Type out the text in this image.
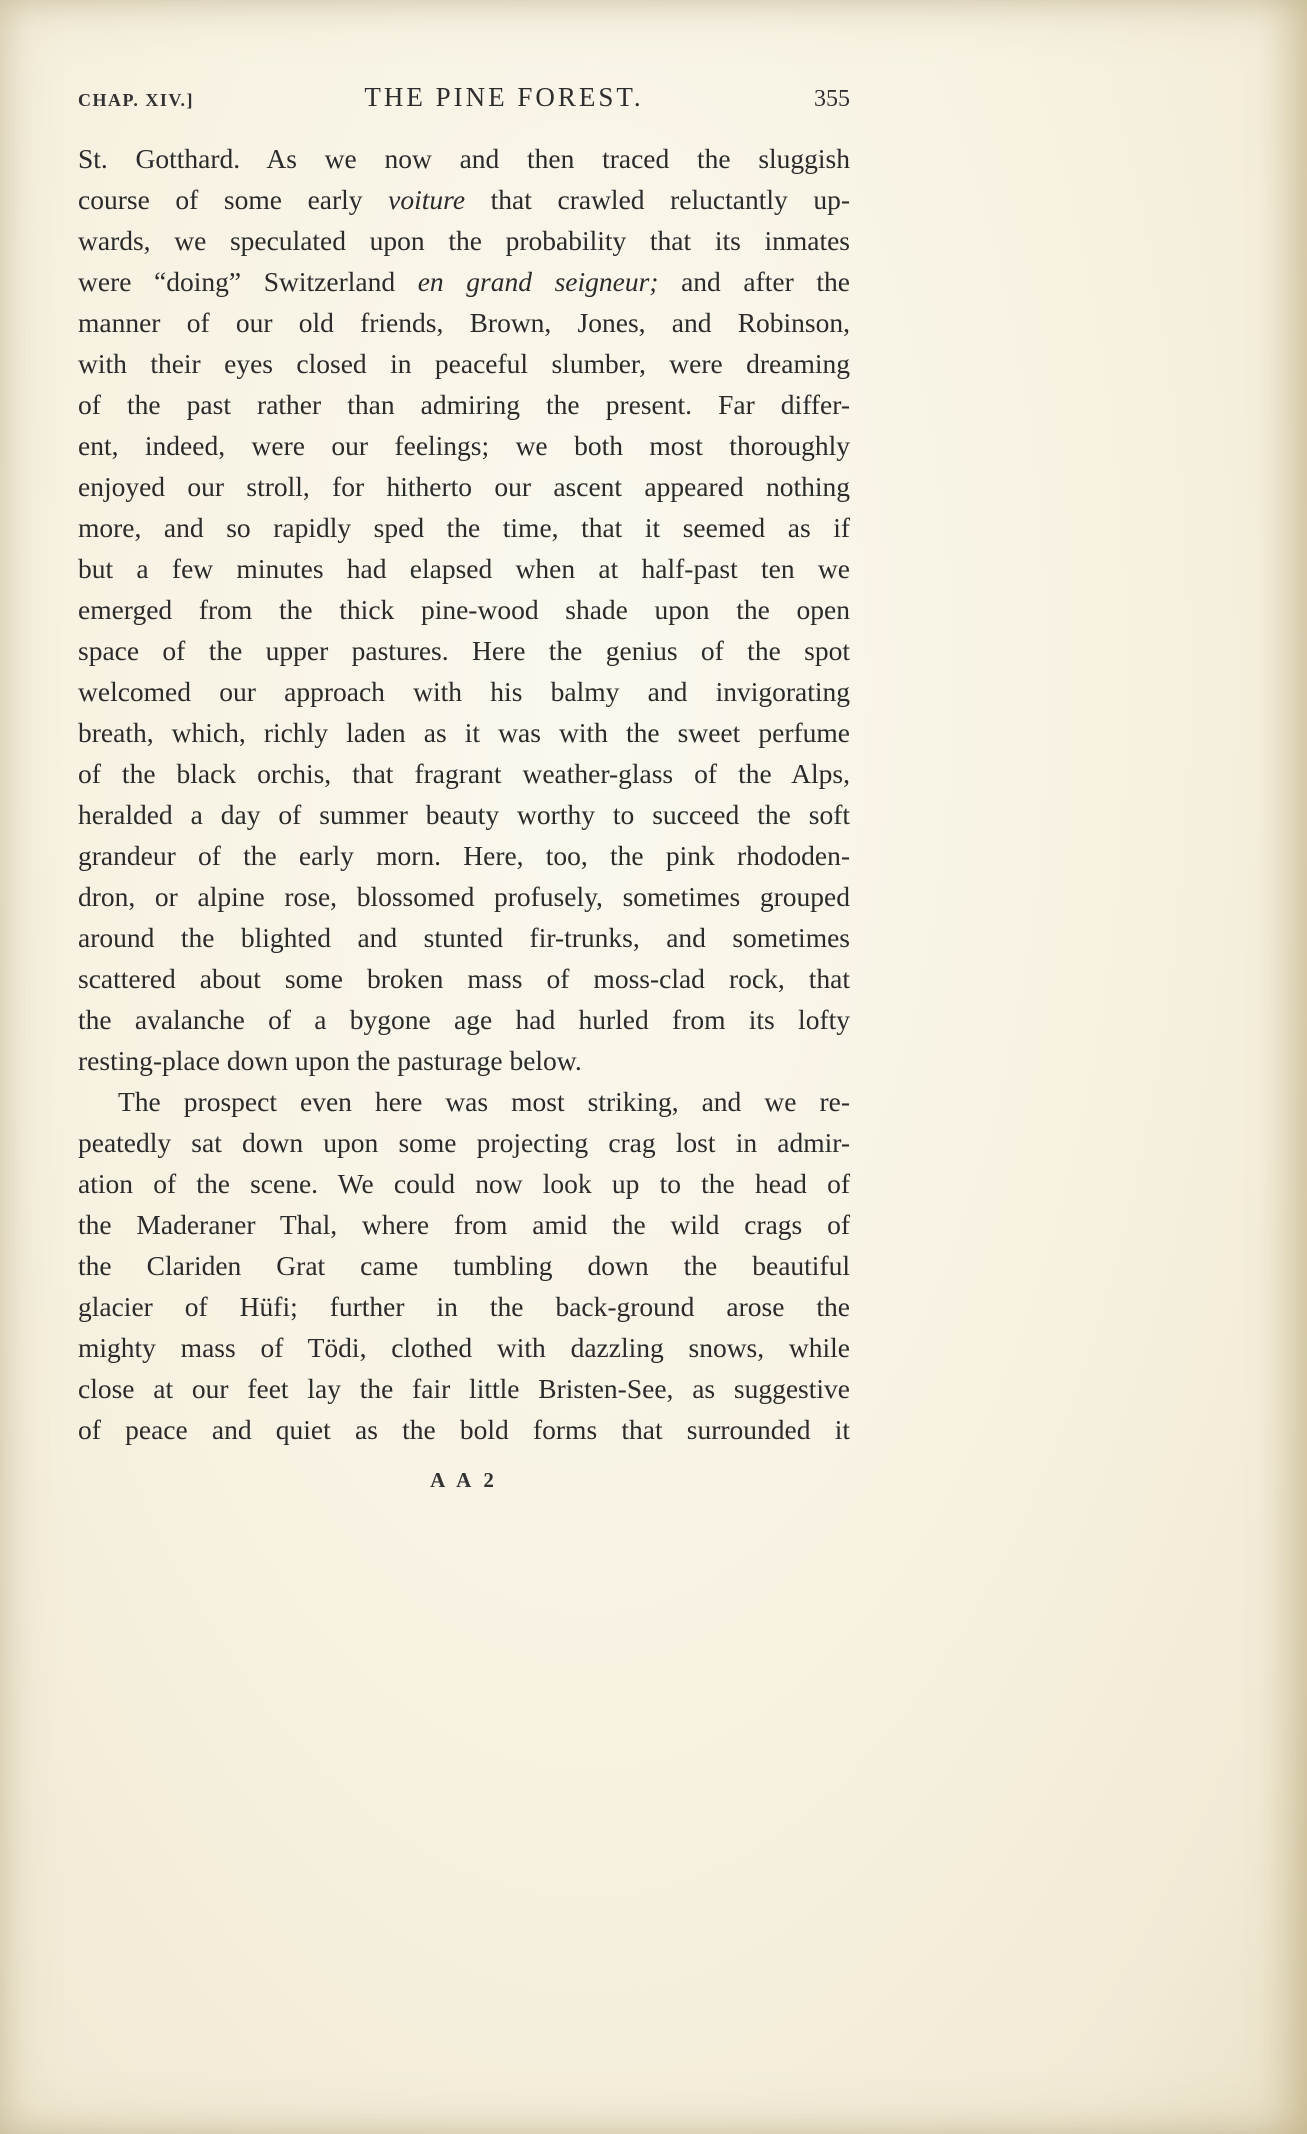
CHAP. XIV.]	THE PINE FOREST.	355
St. Gotthard. As we now and then traced the sluggish
course of some early voiture that crawled reluctantly up-
wards, we speculated upon the probability that its inmates
were “doing” Switzerland en grand seigneur; and after the
manner of our old friends, Brown, Jones, and Robinson,
with their eyes closed in peaceful slumber, were dreaming
of the past rather than admiring the present. Far differ-
ent, indeed, were our feelings; we both most thoroughly
enjoyed our stroll, for hitherto our ascent appeared nothing
more, and so rapidly sped the time, that it seemed as if
but a few minutes had elapsed when at half-past ten we
emerged from the thick pine-wood shade upon the open
space of the upper pastures. Here the genius of the spot
welcomed our approach with his balmy and invigorating
breath, which, richly laden as it was with the sweet perfume
of the black orchis, that fragrant weather-glass of the Alps,
heralded a day of summer beauty worthy to succeed the soft
grandeur of the early morn. Here, too, the pink rhododen-
dron, or alpine rose, blossomed profusely, sometimes grouped
around the blighted and stunted fir-trunks, and sometimes
scattered about some broken mass of moss-clad rock, that
the avalanche of a bygone age had hurled from its lofty
resting-place down upon the pasturage below.
The prospect even here was most striking, and we re-
peatedly sat down upon some projecting crag lost in admir-
ation of the scene. We could now look up to the head of
the Maderaner Thal, where from amid the wild crags of
the Clariden Grat came tumbling down the beautiful
glacier of Hüfi; further in the back-ground arose the
mighty mass of Tödi, clothed with dazzling snows, while
close at our feet lay the fair little Bristen-See, as suggestive
of peace and quiet as the bold forms that surrounded it
A A 2
